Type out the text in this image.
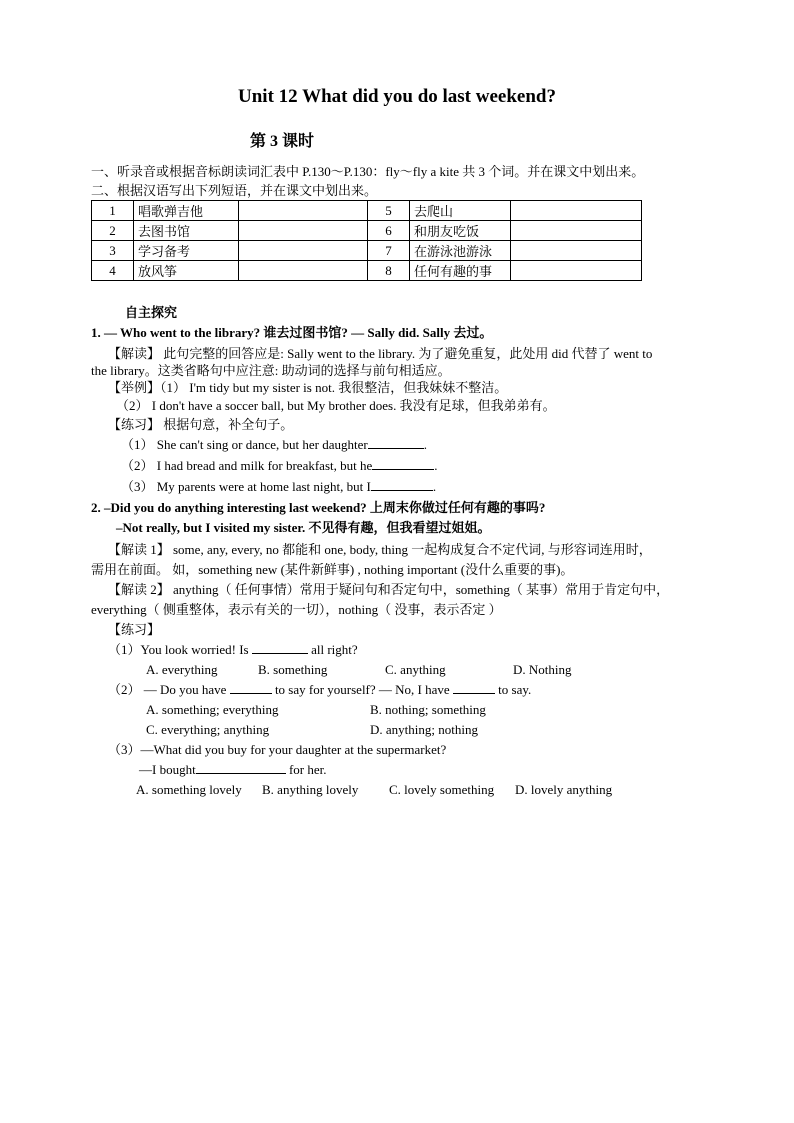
Unit 12 What did you do last weekend?
第 3 课时
一、听录音或根据音标朗读词汇表中 P.130～P.130：fly～fly a kite 共 3 个词。并在课文中划出来。
二、根据汉语写出下列短语，并在课文中划出来。
1	唱歌弹吉他		5	去爬山	
2	去图书馆		6	和朋友吃饭	
3	学习备考		7	在游泳池游泳	
4	放风筝		8	任何有趣的事	
自主探究
1. — Who went to the library? 谁去过图书馆? — Sally did. Sally 去过。
【解读】 此句完整的回答应是: Sally went to the library. 为了避免重复，此处用 did 代替了 went to
the library。这类省略句中应注意: 助动词的选择与前句相适应。
【举例】（1） I'm tidy but my sister is not. 我很整洁，但我妹妹不整洁。
（2） I don't have a soccer ball, but My brother does. 我没有足球，但我弟弟有。
【练习】 根据句意，补全句子。
（1） She can't sing or dance, but her daughter	.
（2） I had bread and milk for breakfast, but he	.
（3） My parents were at home last night, but I	.
2. –Did you do anything interesting last weekend? 上周末你做过任何有趣的事吗?
–Not really, but I visited my sister. 不见得有趣，但我看望过姐姐。
【解读 1】 some, any, every, no 都能和 one, body, thing 一起构成复合不定代词, 与形容词连用时，
需用在前面。 如，something new (某件新鲜事) , nothing important (没什么重要的事)。
【解读 2】 anything（ 任何事情）常用于疑问句和否定句中，something（ 某事）常用于肯定句中，
everything（ 侧重整体，表示有关的一切），nothing（ 没事，表示否定 ）
【练习】
（1）You look worried! Is	all right?
A. everything	B. something	C. anything	D. Nothing
（2） — Do you have	to say for yourself? — No, I have	to say.
A. something; everything	B. nothing; something
C. everything; anything	D. anything; nothing
（3）—What did you buy for your daughter at the supermarket?
—I bought	for her.
A. something lovely B. anything lovely C. lovely something D. lovely anything
